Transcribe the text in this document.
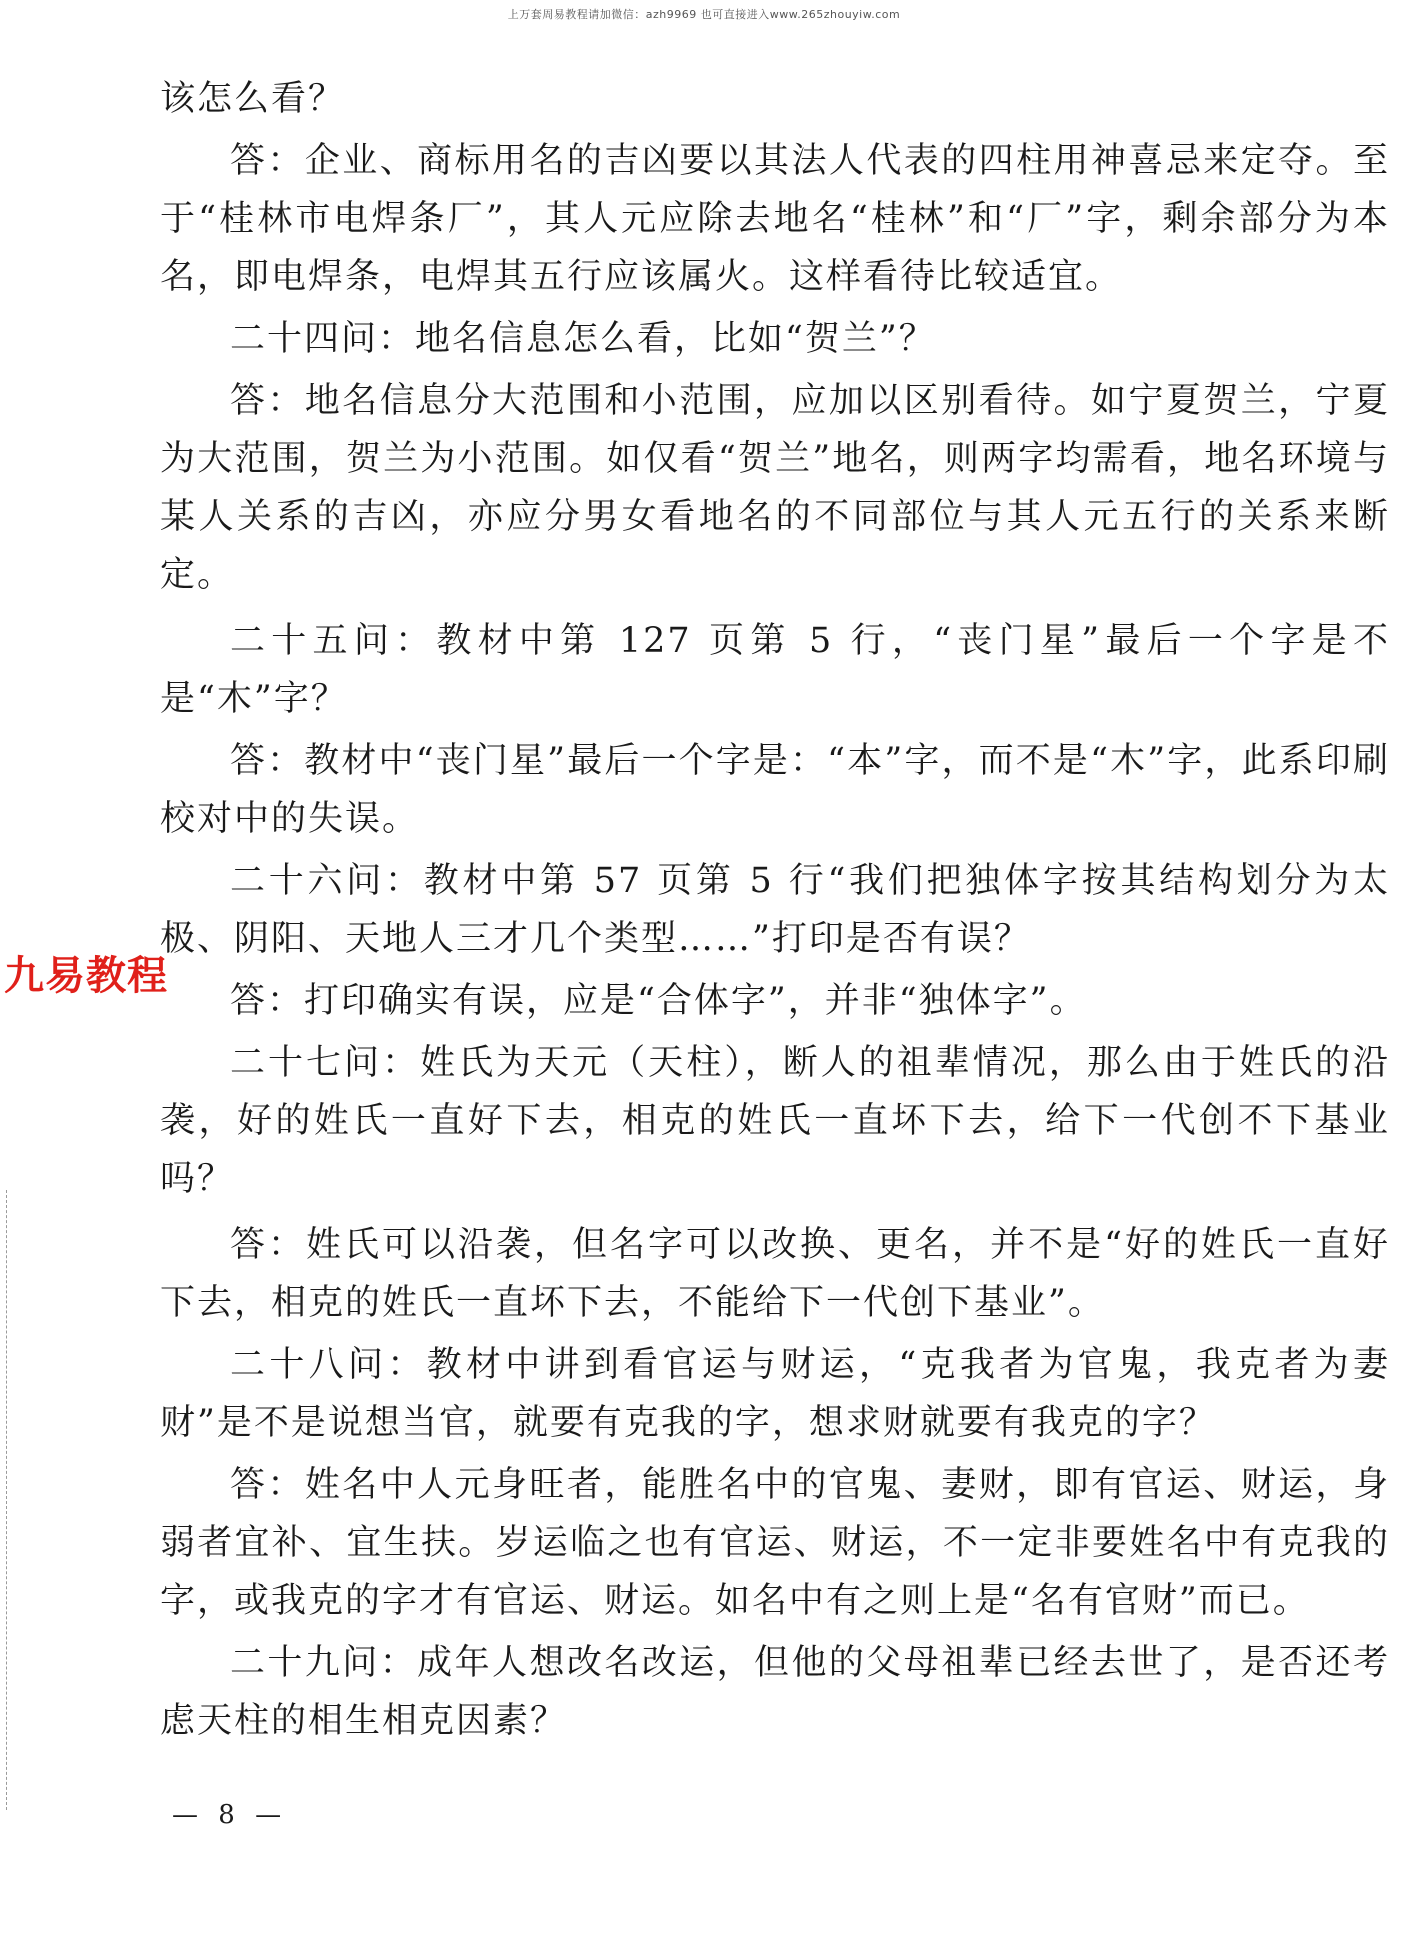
上万套周易教程请加微信：azh9969 也可直接进入www.265zhouyiw.com

该怎么看？

答：企业、商标用名的吉凶要以其法人代表的四柱用神喜忌来定夺。至于“桂林市电焊条厂”，其人元应除去地名“桂林”和“厂”字，剩余部分为本名，即电焊条，电焊其五行应该属火。这样看待比较适宜。

二十四问：地名信息怎么看，比如“贺兰”？

答：地名信息分大范围和小范围，应加以区别看待。如宁夏贺兰，宁夏为大范围，贺兰为小范围。如仅看“贺兰”地名，则两字均需看，地名环境与某人关系的吉凶，亦应分男女看地名的不同部位与其人元五行的关系来断定。

二十五问：教材中第 127 页第 5 行，“丧门星”最后一个字是不是“木”字？

答：教材中“丧门星”最后一个字是：“本”字，而不是“木”字，此系印刷校对中的失误。

二十六问：教材中第 57 页第 5 行“我们把独体字按其结构划分为太极、阴阳、天地人三才几个类型……”打印是否有误？

答：打印确实有误，应是“合体字”，并非“独体字”。

二十七问：姓氏为天元（天柱），断人的祖辈情况，那么由于姓氏的沿袭，好的姓氏一直好下去，相克的姓氏一直坏下去，给下一代创不下基业吗？

答：姓氏可以沿袭，但名字可以改换、更名，并不是“好的姓氏一直好下去，相克的姓氏一直坏下去，不能给下一代创下基业”。

二十八问：教材中讲到看官运与财运，“克我者为官鬼，我克者为妻财”是不是说想当官，就要有克我的字，想求财就要有我克的字？

答：姓名中人元身旺者，能胜名中的官鬼、妻财，即有官运、财运，身弱者宜补、宜生扶。岁运临之也有官运、财运，不一定非要姓名中有克我的字，或我克的字才有官运、财运。如名中有之则上是“名有官财”而已。

二十九问：成年人想改名改运，但他的父母祖辈已经去世了，是否还考虑天柱的相生相克因素？

九易教程
— 8 —
